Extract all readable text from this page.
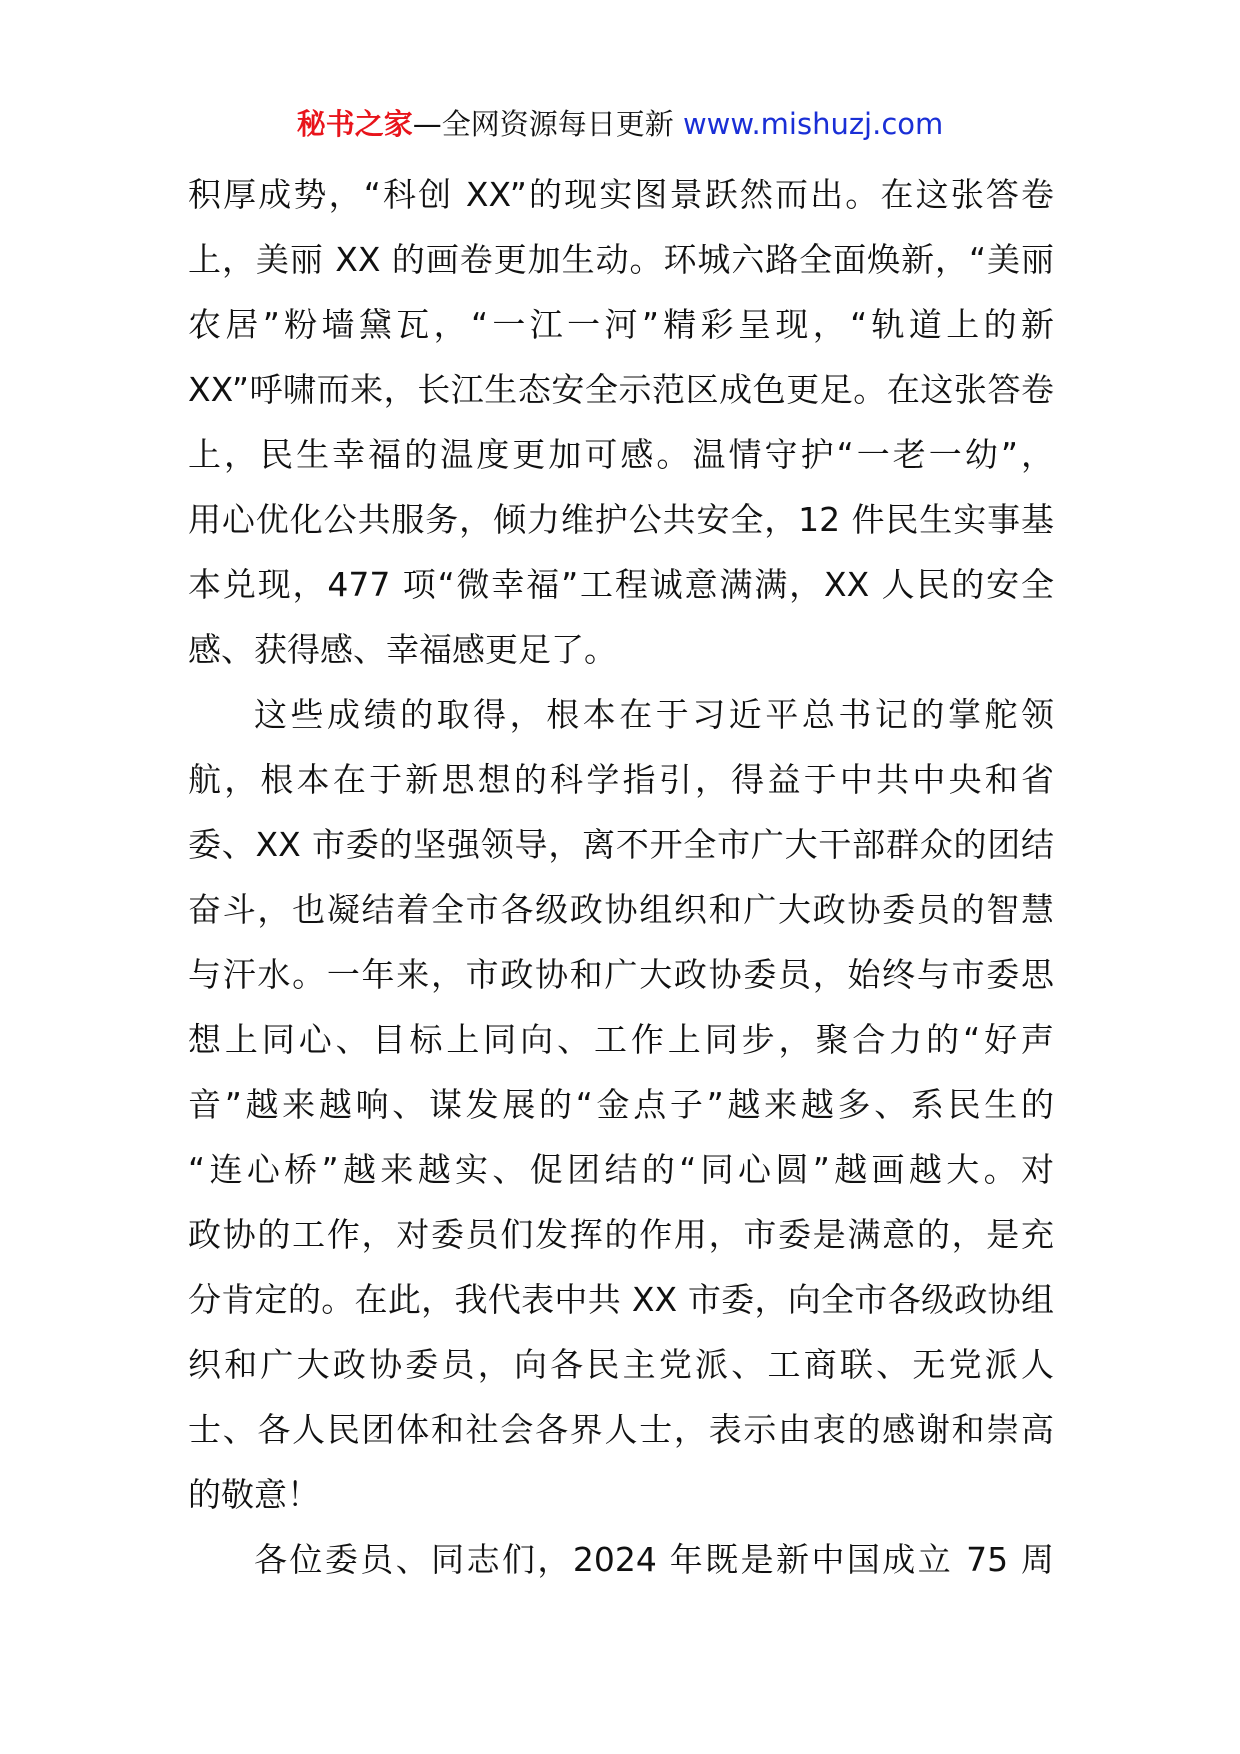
秘书之家—全网资源每日更新 www.mishuzj.com
积厚成势，“科创 XX”的现实图景跃然而出。在这张答卷
上，美丽 XX 的画卷更加生动。环城六路全面焕新，“美丽
农居”粉墙黛瓦，“一江一河”精彩呈现，“轨道上的新
XX”呼啸而来，长江生态安全示范区成色更足。在这张答卷
上，民生幸福的温度更加可感。温情守护“一老一幼”，
用心优化公共服务，倾力维护公共安全，12 件民生实事基
本兑现，477 项“微幸福”工程诚意满满，XX 人民的安全
感、获得感、幸福感更足了。
这些成绩的取得，根本在于习近平总书记的掌舵领
航，根本在于新思想的科学指引，得益于中共中央和省
委、XX 市委的坚强领导，离不开全市广大干部群众的团结
奋斗，也凝结着全市各级政协组织和广大政协委员的智慧
与汗水。一年来，市政协和广大政协委员，始终与市委思
想上同心、目标上同向、工作上同步，聚合力的“好声
音”越来越响、谋发展的“金点子”越来越多、系民生的
“连心桥”越来越实、促团结的“同心圆”越画越大。对
政协的工作，对委员们发挥的作用，市委是满意的，是充
分肯定的。在此，我代表中共 XX 市委，向全市各级政协组
织和广大政协委员，向各民主党派、工商联、无党派人
士、各人民团体和社会各界人士，表示由衷的感谢和崇高
的敬意！
各位委员、同志们，2024 年既是新中国成立 75 周
